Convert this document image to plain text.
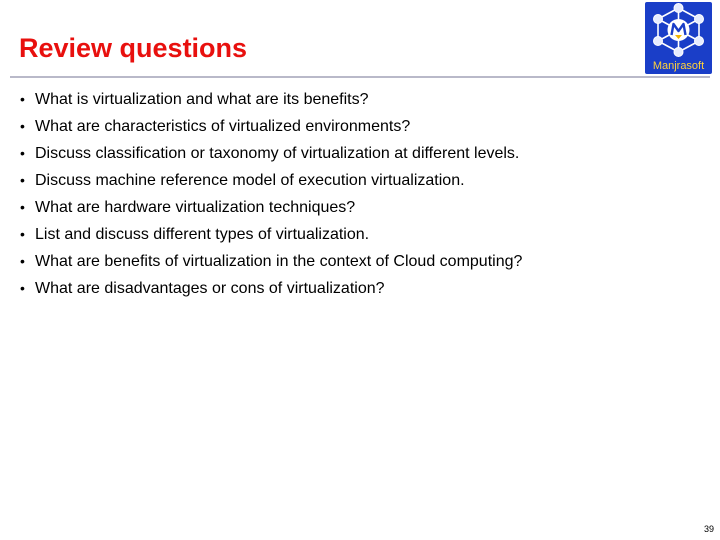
Review questions
Manjrasoft
• What is virtualization and what are its benefits?
• What are characteristics of virtualized environments?
• Discuss classification or taxonomy of virtualization at different levels.
• Discuss machine reference model of execution virtualization.
• What are hardware virtualization techniques?
• List and discuss different types of virtualization.
• What are benefits of virtualization in the context of Cloud computing?
• What are disadvantages or cons of virtualization?
39
